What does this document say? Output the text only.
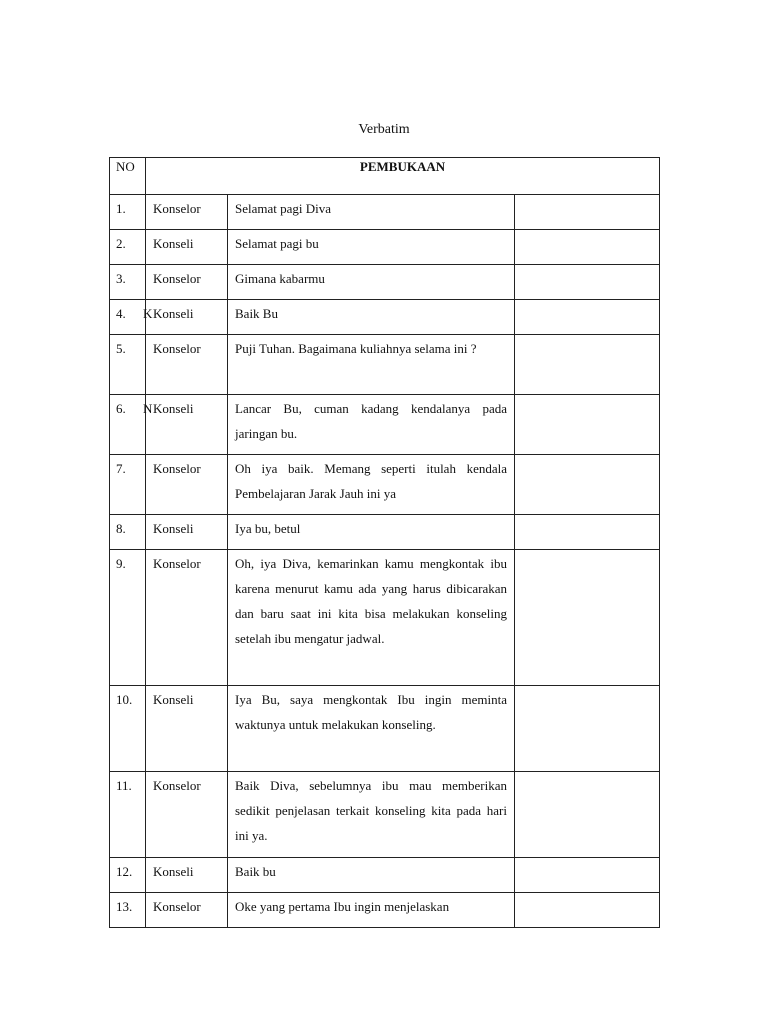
Verbatim
NO	PEMBUKAAN		
1.	Konselor	Selamat pagi Diva	
2.	Konseli	Selamat pagi bu	
3.	Konselor	Gimana kabarmu	
4.	K Konseli	Baik Bu	
5.	Konselor	Puji Tuhan. Bagaimana kuliahnya selama ini ?	
6.	N Konseli	Lancar Bu, cuman kadang kendalanya pada jaringan bu.	
7.	Konselor	Oh iya baik. Memang seperti itulah kendala Pembelajaran Jarak Jauh ini ya	
8.	Konseli	Iya bu, betul	
9.	Konselor	Oh, iya Diva, kemarinkan kamu mengkontak ibu karena menurut kamu ada yang harus dibicarakan dan baru saat ini kita bisa melakukan konseling setelah ibu mengatur jadwal.	
10.	Konseli	Iya Bu, saya mengkontak Ibu ingin meminta waktunya untuk melakukan konseling.	
11.	Konselor	Baik Diva, sebelumnya ibu mau memberikan sedikit penjelasan terkait konseling kita pada hari ini ya.	
12.	Konseli	Baik bu	
13.	Konselor	Oke yang pertama Ibu ingin menjelaskan	
